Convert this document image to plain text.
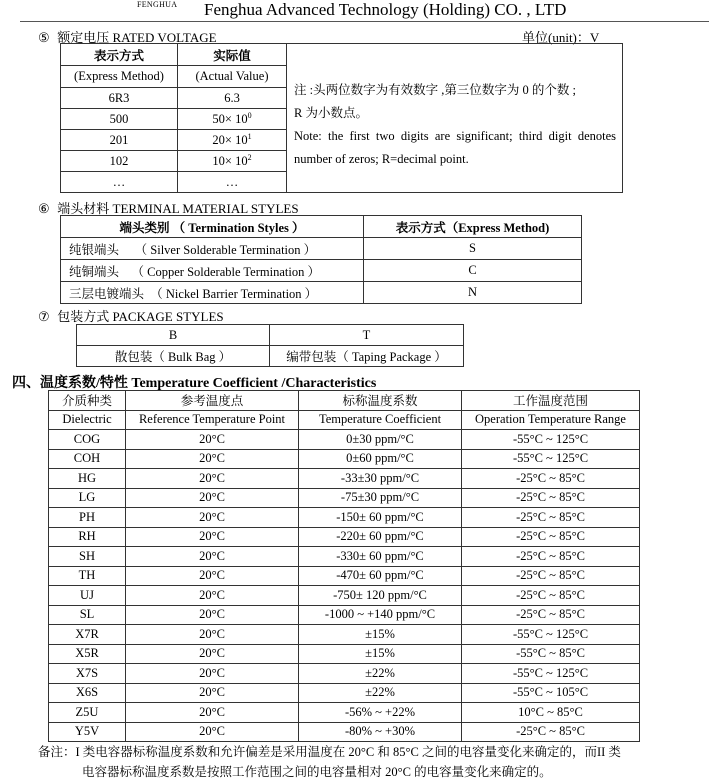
FENGHUA Fenghua Advanced Technology (Holding) CO. , LTD
⑤ 额定电压 RATED VOLTAGE	单位(unit)：V
表示方式	实际值	注 :头两位数字为有效数字 ,第三位数字为 0 的个数 ;
R 为小数点。
Note: the first two digits are significant; third digit denotes number of zeros; R=decimal point.

(Express Method)	(Actual Value)	
6R3	6.3	
500	$50\times 10^0$
201	$20\times 10^1$
102	$10\times 10^2$
…	…	
⑥ 端头材料 TERMINAL MATERIAL STYLES
端头类别 （ Termination Styles ）	表示方式（Express Method)
纯银端头 （ Silver Solderable Termination ）	S
纯铜端头 （ Copper Solderable Termination ）	C
三层电镀端头 （ Nickel Barrier Termination ）	N
⑦ 包装方式 PACKAGE STYLES
B	T
散包装（ Bulk Bag ）	编带包装（ Taping Package ）
四、温度系数/特性 Temperature Coefficient /Characteristics
介质种类	参考温度点	标称温度系数	工作温度范围
Dielectric	Reference Temperature Point	Temperature Coefficient	Operation Temperature Range
COG	20°C	0±30 ppm/°C	-55°C ~ 125°C
COH	20°C	0±60 ppm/°C	-55°C ~ 125°C
HG	20°C	-33±30 ppm/°C	-25°C ~ 85°C
LG	20°C	-75±30 ppm/°C	-25°C ~ 85°C
PH	20°C	-150± 60 ppm/°C	-25°C ~ 85°C
RH	20°C	-220± 60 ppm/°C	-25°C ~ 85°C
SH	20°C	-330± 60 ppm/°C	-25°C ~ 85°C
TH	20°C	-470± 60 ppm/°C	-25°C ~ 85°C
UJ	20°C	-750± 120 ppm/°C	-25°C ~ 85°C
SL	20°C	-1000 ~ +140 ppm/°C	-25°C ~ 85°C
X7R	20°C	±15%	-55°C ~ 125°C
X5R	20°C	±15%	-55°C ~ 85°C
X7S	20°C	±22%	-55°C ~ 125°C
X6S	20°C	±22%	-55°C ~ 105°C
Z5U	20°C	-56% ~ +22%	10°C ~ 85°C
Y5V	20°C	-80% ~ +30%	-25°C ~ 85°C
备注：I 类电容器标称温度系数和允许偏差是采用温度在 20°C 和 85°C 之间的电容量变化来确定的，而II 类
电容器标称温度系数是按照工作范围之间的电容量相对 20°C 的电容量变化来确定的。
